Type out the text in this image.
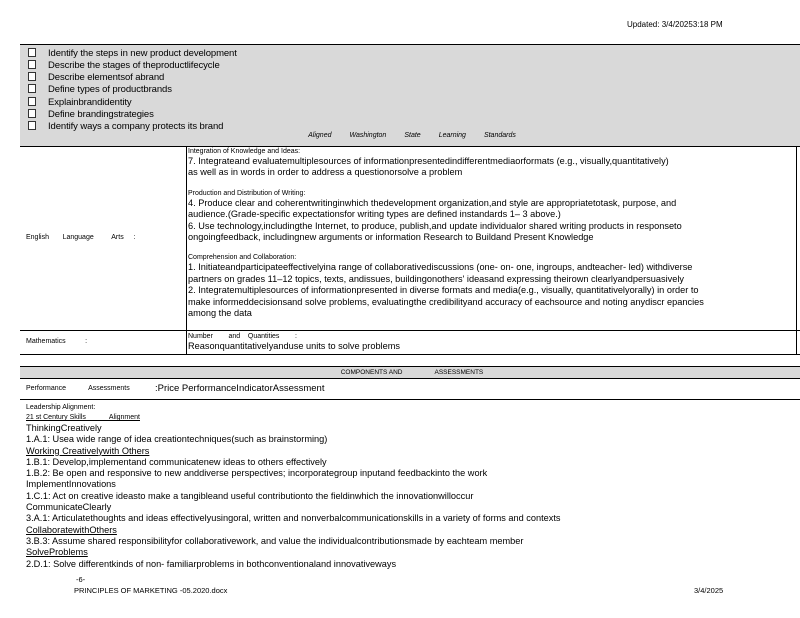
Updated: 3/4/20253:18 PM
Identify the steps in new product development
Describe the stages of theproductlifecycle
Describe elementsof abrand
Define types of productbrands
Explainbrandidentity
Define brandingstrategies
Identify ways a company protects its brand
Aligned	Washington	State	Learning	Standards
English Language	Arts :
Integration of Knowledge and Ideas:
7. Integrateand evaluatemultiplesources of informationpresentedindifferentmediaorformats (e.g., visually,quantitatively)
as well as in words in order to address a questionorsolve a problem
Production and Distribution of Writing:
4. Produce clear and coherentwritinginwhich thedevelopment organization,and style are appropriatetotask, purpose, and
audience.(Grade-specific expectationsfor writing types are defined instandards 1– 3 above.)
6. Use technology,includingthe Internet, to produce, publish,and update individualor shared writing products in responseto
ongoingfeedback, includingnew arguments or information Research to Buildand Present Knowledge
Comprehension and Collaboration:
1. Initiateandparticipateeffectivelyina range of collaborativediscussions (one- on- one, ingroups, andteacher- led) withdiverse
partners on grades 11–12 topics, texts, andissues, buildingonothers' ideasand expressing theirown clearlyandpersuasively
2. Integratemultiplesources of informationpresented in diverse formats and media(e.g., visually, quantitativelyorally) in order to
make informeddecisionsand solve problems, evaluatingthe credibilityand accuracy of eachsource and noting anydiscr epancies
among the data
Mathematics	:
Number        and    Quantities        :
Reasonquantitativelyanduse units to solve problems
COMPONENTS AND	ASSESSMENTS
Performance	Assessments	:Price PerformanceIndicatorAssessment
Leadership Alignment:
21 st Century Skills            Alignment
ThinkingCreatively
1.A.1: Usea wide range of idea creationtechniques(such as brainstorming)
Working Creativelywith Others
1.B.1: Develop,implementand communicatenew ideas to others effectively
1.B.2: Be open and responsive to new anddiverse perspectives; incorporategroup inputand feedbackinto the work
ImplementInnovations
1.C.1: Act on creative ideasto make a tangibleand useful contributionto the fieldinwhich the innovationwilloccur
CommunicateClearly
3.A.1: Articulatethoughts and ideas effectivelyusingoral, written and nonverbalcommunicationskills in a variety of forms and contexts
CollaboratewithOthers
3.B.3: Assume shared responsibilityfor collaborativework, and value the individualcontributionsmade by eachteam member
SolveProblems
2.D.1: Solve differentkinds of non- familiarproblems in bothconventionaland innovativeways
-6-
PRINCIPLES OF MARKETING -05.2020.docx	3/4/2025
